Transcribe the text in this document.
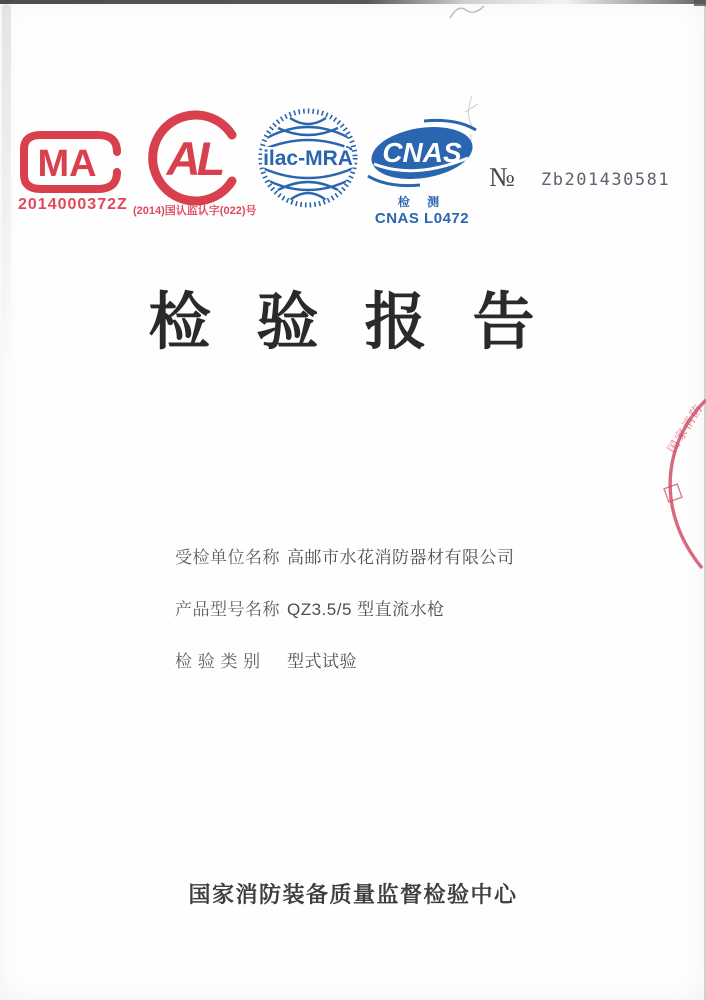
MA
2014000372Z
AL
(2014)国认监认字(022)号
ilac-MRA CNAS
检 测
CNAS L0472
№ Zb201430581
检验报告
国家消防
受检单位名称 高邮市水花消防器材有限公司
产品型号名称 QZ3.5/5 型直流水枪
检 验 类 别	型式试验
国家消防装备质量监督检验中心
